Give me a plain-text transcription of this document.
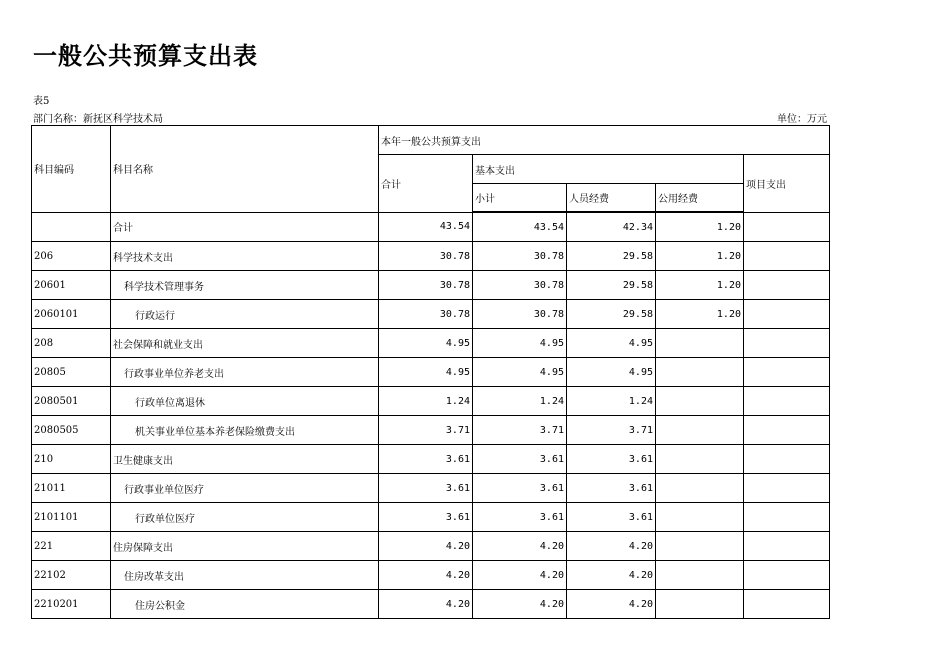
一般公共预算支出表
表5
部门名称：新抚区科学技术局	单位：万元
科目编码	科目名称	本年一般公共预算支出				
		合计	基本支出			项目支出
			小计	人员经费	公用经费	
	合计	43.54	43.54	42.34	1.20	
206	科学技术支出	30.78	30.78	29.58	1.20	
20601	科学技术管理事务	30.78	30.78	29.58	1.20	
2060101	行政运行	30.78	30.78	29.58	1.20	
208	社会保障和就业支出	4.95	4.95	4.95		
20805	行政事业单位养老支出	4.95	4.95	4.95		
2080501	行政单位离退休	1.24	1.24	1.24		
2080505	机关事业单位基本养老保险缴费支出	3.71	3.71	3.71		
210	卫生健康支出	3.61	3.61	3.61		
21011	行政事业单位医疗	3.61	3.61	3.61		
2101101	行政单位医疗	3.61	3.61	3.61		
221	住房保障支出	4.20	4.20	4.20		
22102	住房改革支出	4.20	4.20	4.20		
2210201	住房公积金	4.20	4.20	4.20		
